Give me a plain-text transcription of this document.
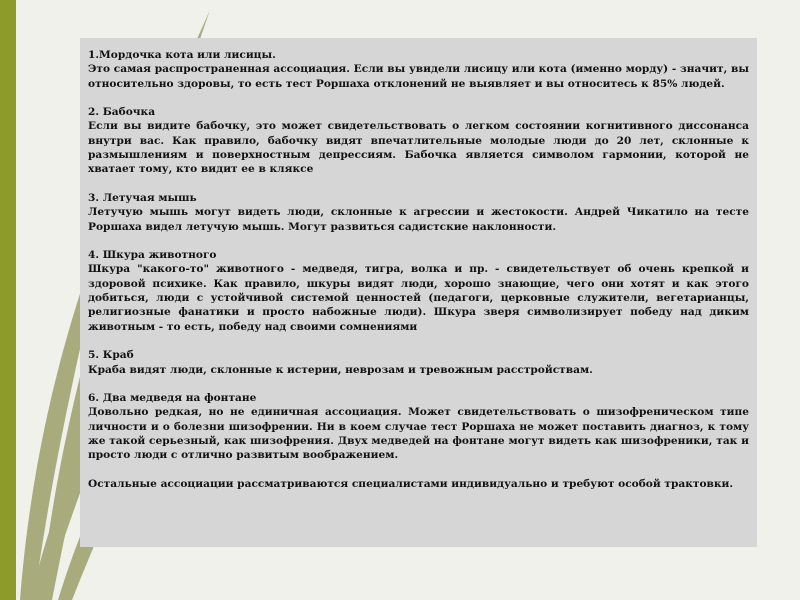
1.Мордочка кота или лисицы.
Это самая распространенная ассоциация. Если вы увидели лисицу или кота (именно морду) - значит, вы относительно здоровы, то есть тест Роршаха отклонений не выявляет и вы относитесь к 85% людей.
2. Бабочка
Если вы видите бабочку, это может свидетельствовать о легком состоянии когнитивного диссонанса внутри вас. Как правило, бабочку видят впечатлительные молодые люди до 20 лет, склонные к размышлениям и поверхностным депрессиям. Бабочка является символом гармонии, которой не хватает тому, кто видит ее в кляксе
3. Летучая мышь
Летучую мышь могут видеть люди, склонные к агрессии и жестокости. Андрей Чикатило на тесте Роршаха видел летучую мышь. Могут развиться садистские наклонности.
4. Шкура животного
Шкура "какого-то" животного - медведя, тигра, волка и пр. - свидетельствует об очень крепкой и здоровой психике. Как правило, шкуры видят люди, хорошо знающие, чего они хотят и как этого добиться, люди с устойчивой системой ценностей (педагоги, церковные служители, вегетарианцы, религиозные фанатики и просто набожные люди). Шкура зверя символизирует победу над диким животным - то есть, победу над своими сомнениями
5. Краб
Краба видят люди, склонные к истерии, неврозам и тревожным расстройствам.
6. Два медведя на фонтане
Довольно редкая, но не единичная ассоциация. Может свидетельствовать о шизофреническом типе личности и о болезни шизофрении. Ни в коем случае тест Роршаха не может поставить диагноз, к тому же такой серьезный, как шизофрения. Двух медведей на фонтане могут видеть как шизофреники, так и просто люди с отлично развитым воображением.
Остальные ассоциации рассматриваются специалистами индивидуально и требуют особой трактовки.
